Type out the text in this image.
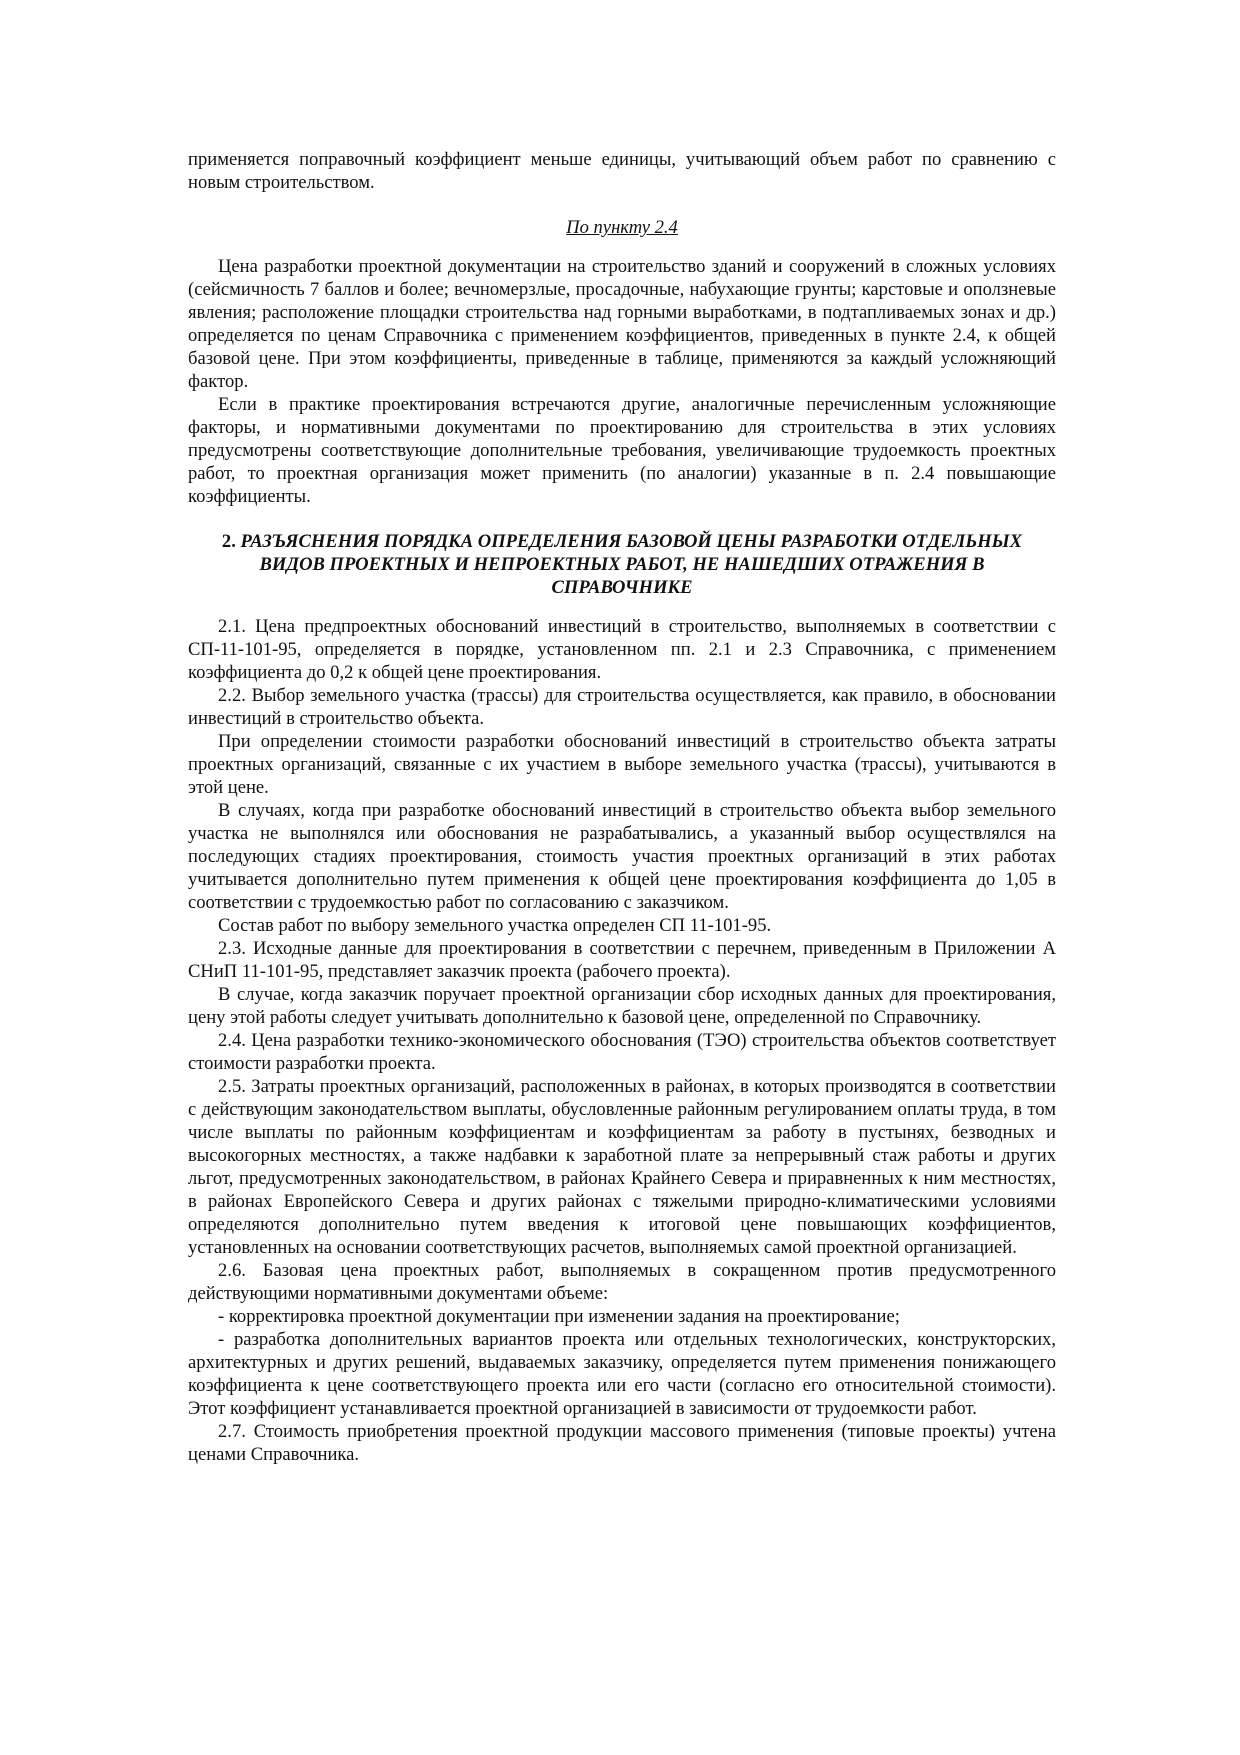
применяется поправочный коэффициент меньше единицы, учитывающий объем работ по сравнению с новым строительством.

По пункту 2.4

Цена разработки проектной документации на строительство зданий и сооружений в сложных условиях (сейсмичность 7 баллов и более; вечномерзлые, просадочные, набухающие грунты; карстовые и оползневые явления; расположение площадки строительства над горными выработками, в подтапливаемых зонах и др.) определяется по ценам Справочника с применением коэффициентов, приведенных в пункте 2.4, к общей базовой цене. При этом коэффициенты, приведенные в таблице, применяются за каждый усложняющий фактор.

Если в практике проектирования встречаются другие, аналогичные перечисленным усложняющие факторы, и нормативными документами по проектированию для строительства в этих условиях предусмотрены соответствующие дополнительные требования, увеличивающие трудоемкость проектных работ, то проектная организация может применить (по аналогии) указанные в п. 2.4 повышающие коэффициенты.

2. РАЗЪЯСНЕНИЯ ПОРЯДКА ОПРЕДЕЛЕНИЯ БАЗОВОЙ ЦЕНЫ РАЗРАБОТКИ ОТДЕЛЬНЫХ ВИДОВ ПРОЕКТНЫХ И НЕПРОЕКТНЫХ РАБОТ, НЕ НАШЕДШИХ ОТРАЖЕНИЯ В СПРАВОЧНИКЕ

2.1. Цена предпроектных обоснований инвестиций в строительство, выполняемых в соответствии с СП-11-101-95, определяется в порядке, установленном пп. 2.1 и 2.3 Справочника, с применением коэффициента до 0,2 к общей цене проектирования.

2.2. Выбор земельного участка (трассы) для строительства осуществляется, как правило, в обосновании инвестиций в строительство объекта.

При определении стоимости разработки обоснований инвестиций в строительство объекта затраты проектных организаций, связанные с их участием в выборе земельного участка (трассы), учитываются в этой цене.

В случаях, когда при разработке обоснований инвестиций в строительство объекта выбор земельного участка не выполнялся или обоснования не разрабатывались, а указанный выбор осуществлялся на последующих стадиях проектирования, стоимость участия проектных организаций в этих работах учитывается дополнительно путем применения к общей цене проектирования коэффициента до 1,05 в соответствии с трудоемкостью работ по согласованию с заказчиком.

Состав работ по выбору земельного участка определен СП 11-101-95.

2.3. Исходные данные для проектирования в соответствии с перечнем, приведенным в Приложении А СНиП 11-101-95, представляет заказчик проекта (рабочего проекта).

В случае, когда заказчик поручает проектной организации сбор исходных данных для проектирования, цену этой работы следует учитывать дополнительно к базовой цене, определенной по Справочнику.

2.4. Цена разработки технико-экономического обоснования (ТЭО) строительства объектов соответствует стоимости разработки проекта.

2.5. Затраты проектных организаций, расположенных в районах, в которых производятся в соответствии с действующим законодательством выплаты, обусловленные районным регулированием оплаты труда, в том числе выплаты по районным коэффициентам и коэффициентам за работу в пустынях, безводных и высокогорных местностях, а также надбавки к заработной плате за непрерывный стаж работы и других льгот, предусмотренных законодательством, в районах Крайнего Севера и приравненных к ним местностях, в районах Европейского Севера и других районах с тяжелыми природно-климатическими условиями определяются дополнительно путем введения к итоговой цене повышающих коэффициентов, установленных на основании соответствующих расчетов, выполняемых самой проектной организацией.

2.6. Базовая цена проектных работ, выполняемых в сокращенном против предусмотренного действующими нормативными документами объеме:

- корректировка проектной документации при изменении задания на проектирование;

- разработка дополнительных вариантов проекта или отдельных технологических, конструкторских, архитектурных и других решений, выдаваемых заказчику, определяется путем применения понижающего коэффициента к цене соответствующего проекта или его части (согласно его относительной стоимости). Этот коэффициент устанавливается проектной организацией в зависимости от трудоемкости работ.

2.7. Стоимость приобретения проектной продукции массового применения (типовые проекты) учтена ценами Справочника.
